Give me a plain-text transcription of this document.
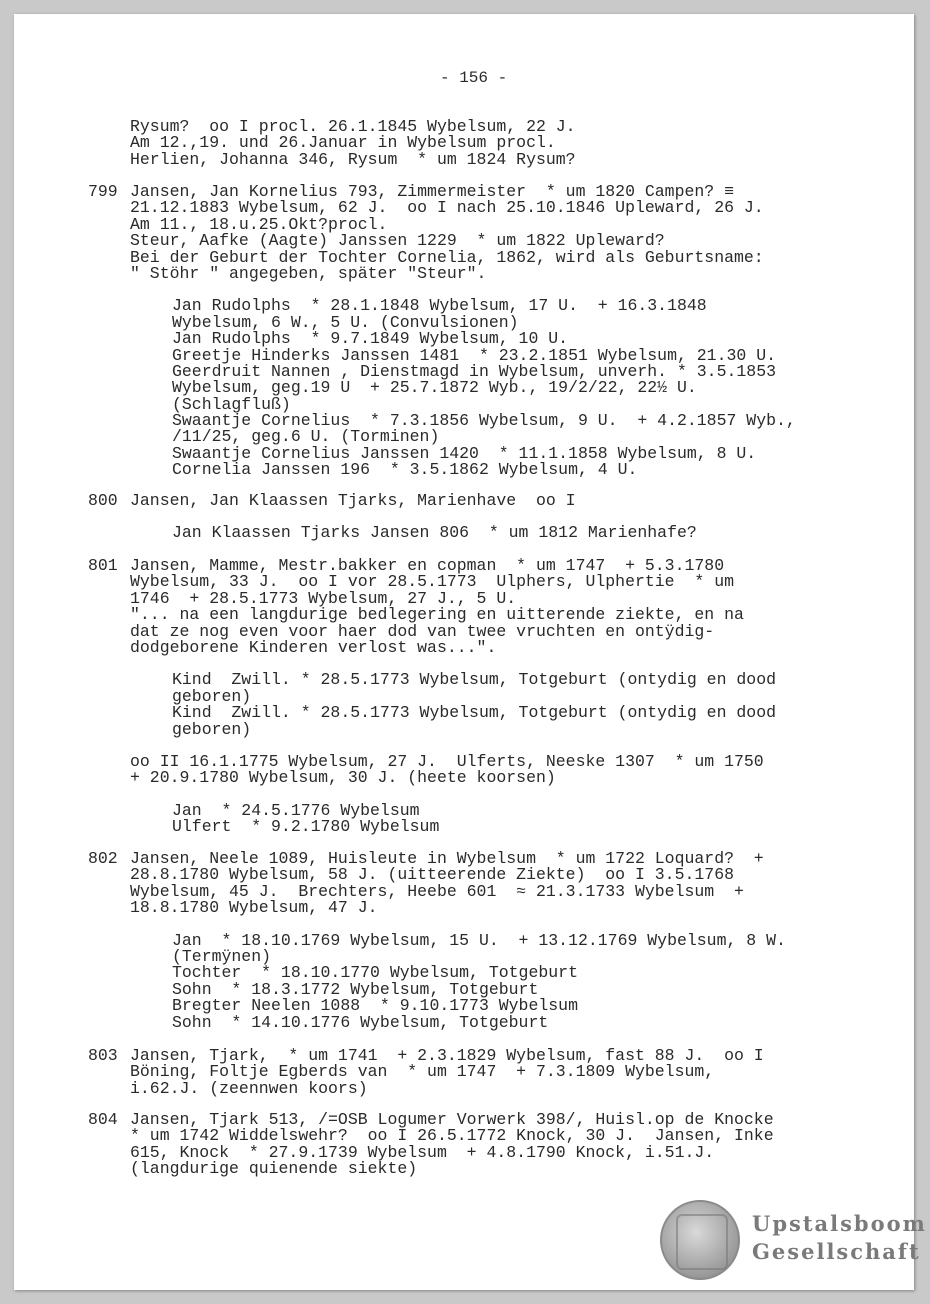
- 156 -
Rysum?  oo I procl. 26.1.1845 Wybelsum, 22 J.
Am 12.,19. und 26.Januar in Wybelsum procl.
Herlien, Johanna 346, Rysum  * um 1824 Rysum?
799 Jansen, Jan Kornelius 793, Zimmermeister  * um 1820 Campen? ≡
21.12.1883 Wybelsum, 62 J.  oo I nach 25.10.1846 Upleward, 26 J.
Am 11., 18.u.25.Okt?procl.
Steur, Aafke (Aagte) Janssen 1229  * um 1822 Upleward?
Bei der Geburt der Tochter Cornelia, 1862, wird als Geburtsname:
" Stöhr " angegeben, später "Steur".
Jan Rudolphs  * 28.1.1848 Wybelsum, 17 U.  + 16.3.1848
Wybelsum, 6 W., 5 U. (Convulsionen)
Jan Rudolphs  * 9.7.1849 Wybelsum, 10 U.
Greetje Hinderks Janssen 1481  * 23.2.1851 Wybelsum, 21.30 U.
Geerdruit Nannen , Dienstmagd in Wybelsum, unverh. * 3.5.1853
Wybelsum, geg.19 U  + 25.7.1872 Wyb., 19/2/22, 22½ U.
(Schlagfluß)
Swaantje Cornelius  * 7.3.1856 Wybelsum, 9 U.  + 4.2.1857 Wyb.,
/11/25, geg.6 U. (Torminen)
Swaantje Cornelius Janssen 1420  * 11.1.1858 Wybelsum, 8 U.
Cornelia Janssen 196  * 3.5.1862 Wybelsum, 4 U.
800 Jansen, Jan Klaassen Tjarks, Marienhave  oo I
Jan Klaassen Tjarks Jansen 806  * um 1812 Marienhafe?
801 Jansen, Mamme, Mestr.bakker en copman  * um 1747  + 5.3.1780
Wybelsum, 33 J.  oo I vor 28.5.1773  Ulphers, Ulphertie  * um
1746  + 28.5.1773 Wybelsum, 27 J., 5 U.
"... na een langdurige bedlegering en uitterende ziekte, en na
dat ze nog even voor haer dod van twee vruchten en ontÿdig-
dodgeborene Kinderen verlost was...".
Kind  Zwill. * 28.5.1773 Wybelsum, Totgeburt (ontydig en dood
geboren)
Kind  Zwill. * 28.5.1773 Wybelsum, Totgeburt (ontydig en dood
geboren)
oo II 16.1.1775 Wybelsum, 27 J.  Ulferts, Neeske 1307  * um 1750
+ 20.9.1780 Wybelsum, 30 J. (heete koorsen)
Jan  * 24.5.1776 Wybelsum
Ulfert  * 9.2.1780 Wybelsum
802 Jansen, Neele 1089, Huisleute in Wybelsum  * um 1722 Loquard?  +
28.8.1780 Wybelsum, 58 J. (uitteerende Ziekte)  oo I 3.5.1768
Wybelsum, 45 J.  Brechters, Heebe 601  ≈ 21.3.1733 Wybelsum  +
18.8.1780 Wybelsum, 47 J.
Jan  * 18.10.1769 Wybelsum, 15 U.  + 13.12.1769 Wybelsum, 8 W.
(Termÿnen)
Tochter  * 18.10.1770 Wybelsum, Totgeburt
Sohn  * 18.3.1772 Wybelsum, Totgeburt
Bregter Neelen 1088  * 9.10.1773 Wybelsum
Sohn  * 14.10.1776 Wybelsum, Totgeburt
803 Jansen, Tjark,  * um 1741  + 2.3.1829 Wybelsum, fast 88 J.  oo I
Böning, Foltje Egberds van  * um 1747  + 7.3.1809 Wybelsum,
i.62.J. (zeennwen koors)
804 Jansen, Tjark 513, /=OSB Logumer Vorwerk 398/, Huisl.op de Knocke
* um 1742 Widdelswehr?  oo I 26.5.1772 Knock, 30 J.  Jansen, Inke
615, Knock  * 27.9.1739 Wybelsum  + 4.8.1790 Knock, i.51.J.
(langdurige quienende siekte)
Upstalsboom
Gesellschaft
